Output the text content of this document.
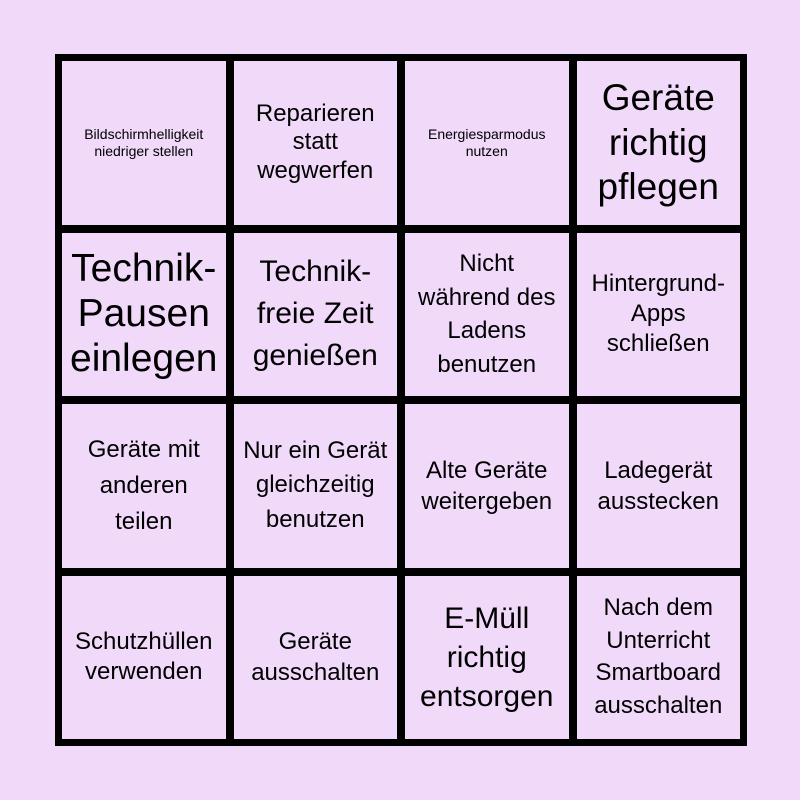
Bildschirmhelligkeit niedriger stellen
Reparieren statt wegwerfen
Energiesparmodus nutzen
Geräte richtig pflegen
Technik-Pausen einlegen
Technik-freie Zeit genießen
Nicht während des Ladens benutzen
Hintergrund-Apps schließen
Geräte mit anderen teilen
Nur ein Gerät gleichzeitig benutzen
Alte Geräte weitergeben
Ladegerät ausstecken
Schutzhüllen verwenden
Geräte ausschalten
E-Müll richtig entsorgen
Nach dem Unterricht Smartboard ausschalten
